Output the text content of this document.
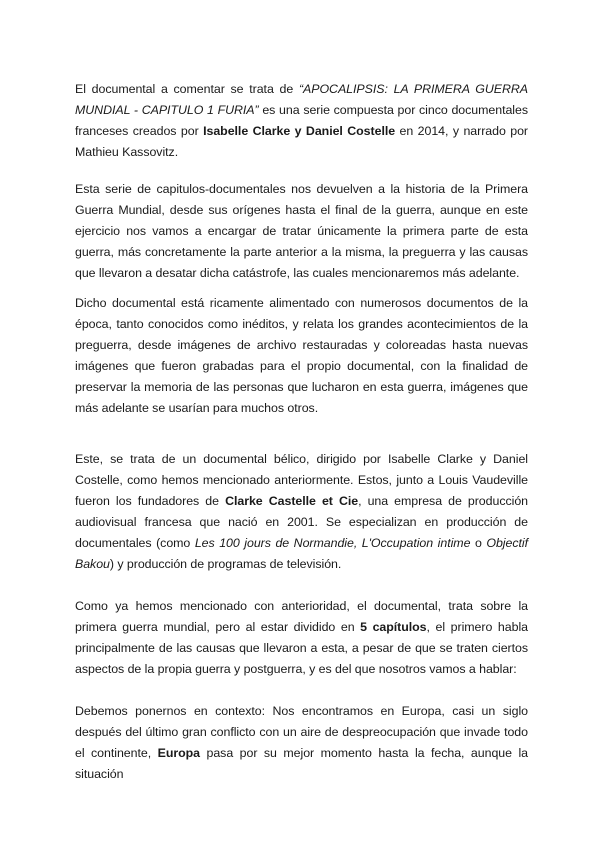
El documental a comentar se trata de “APOCALIPSIS: LA PRIMERA GUERRA MUNDIAL - CAPITULO 1 FURIA” es una serie compuesta por cinco documentales franceses creados por Isabelle Clarke y Daniel Costelle en 2014, y narrado por Mathieu Kassovitz.

Esta serie de capitulos-documentales nos devuelven a la historia de la Primera Guerra Mundial, desde sus orígenes hasta el final de la guerra, aunque en este ejercicio nos vamos a encargar de tratar únicamente la primera parte de esta guerra, más concretamente la parte anterior a la misma, la preguerra y las causas que llevaron a desatar dicha catástrofe, las cuales mencionaremos más adelante.

Dicho documental está ricamente alimentado con numerosos documentos de la época, tanto conocidos como inéditos, y relata los grandes acontecimientos de la preguerra, desde imágenes de archivo restauradas y coloreadas hasta nuevas imágenes que fueron grabadas para el propio documental, con la finalidad de preservar la memoria de las personas que lucharon en esta guerra, imágenes que más adelante se usarían para muchos otros.

Este, se trata de un documental bélico, dirigido por Isabelle Clarke y Daniel Costelle, como hemos mencionado anteriormente. Estos, junto a Louis Vaudeville fueron los fundadores de Clarke Castelle et Cie, una empresa de producción audiovisual francesa que nació en 2001. Se especializan en producción de documentales (como Les 100 jours de Normandie, L'Occupation intime o Objectif Bakou) y producción de programas de televisión.

Como ya hemos mencionado con anterioridad, el documental, trata sobre la primera guerra mundial, pero al estar dividido en 5 capítulos, el primero habla principalmente de las causas que llevaron a esta, a pesar de que se traten ciertos aspectos de la propia guerra y postguerra, y es del que nosotros vamos a hablar:

Debemos ponernos en contexto: Nos encontramos en Europa, casi un siglo después del último gran conflicto con un aire de despreocupación que invade todo el continente, Europa pasa por su mejor momento hasta la fecha, aunque la situación
